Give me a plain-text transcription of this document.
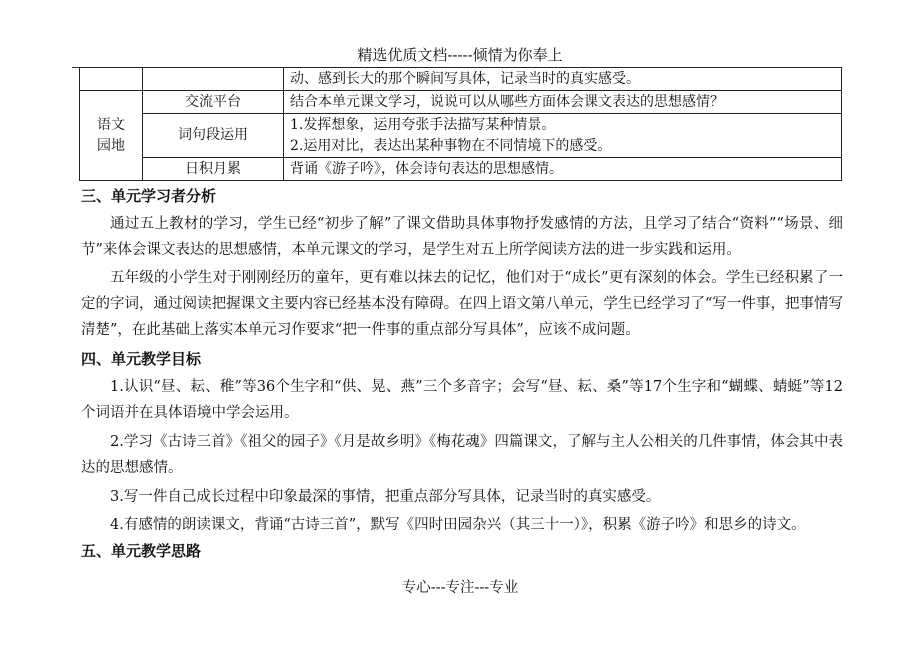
精选优质文档-----倾情为你奉上

		动、感到长大的那个瞬间写具体，记录当时的真实感受。

语文园地	交流平台	结合本单元课文学习，说说可以从哪些方面体会课文表达的思想感情？

	词句段运用	1.发挥想象，运用夸张手法描写某种情景。
2.运用对比，表达出某种事物在不同情境下的感受。

	日积月累	背诵《游子吟》，体会诗句表达的思想感情。
三、单元学习者分析
通过五上教材的学习，学生已经“初步了解”了课文借助具体事物抒发感情的方法，且学习了结合“资料”“场景、细节”来体会课文表达的思想感情，本单元课文的学习，是学生对五上所学阅读方法的进一步实践和运用。
五年级的小学生对于刚刚经历的童年，更有难以抹去的记忆，他们对于“成长”更有深刻的体会。学生已经积累了一定的字词，通过阅读把握课文主要内容已经基本没有障碍。在四上语文第八单元，学生已经学习了“写一件事，把事情写清楚”，在此基础上落实本单元习作要求“把一件事的重点部分写具体”，应该不成问题。
四、单元教学目标
1.认识“昼、耘、稚”等36个生字和“供、晃、燕”三个多音字；会写“昼、耘、桑”等17个生字和“蝴蝶、蜻蜓”等12个词语并在具体语境中学会运用。
2.学习《古诗三首》《祖父的园子》《月是故乡明》《梅花魂》四篇课文，了解与主人公相关的几件事情，体会其中表达的思想感情。
3.写一件自己成长过程中印象最深的事情，把重点部分写具体，记录当时的真实感受。
4.有感情的朗读课文，背诵“古诗三首”，默写《四时田园杂兴（其三十一）》，积累《游子吟》和思乡的诗文。
五、单元教学思路
专心---专注---专业
